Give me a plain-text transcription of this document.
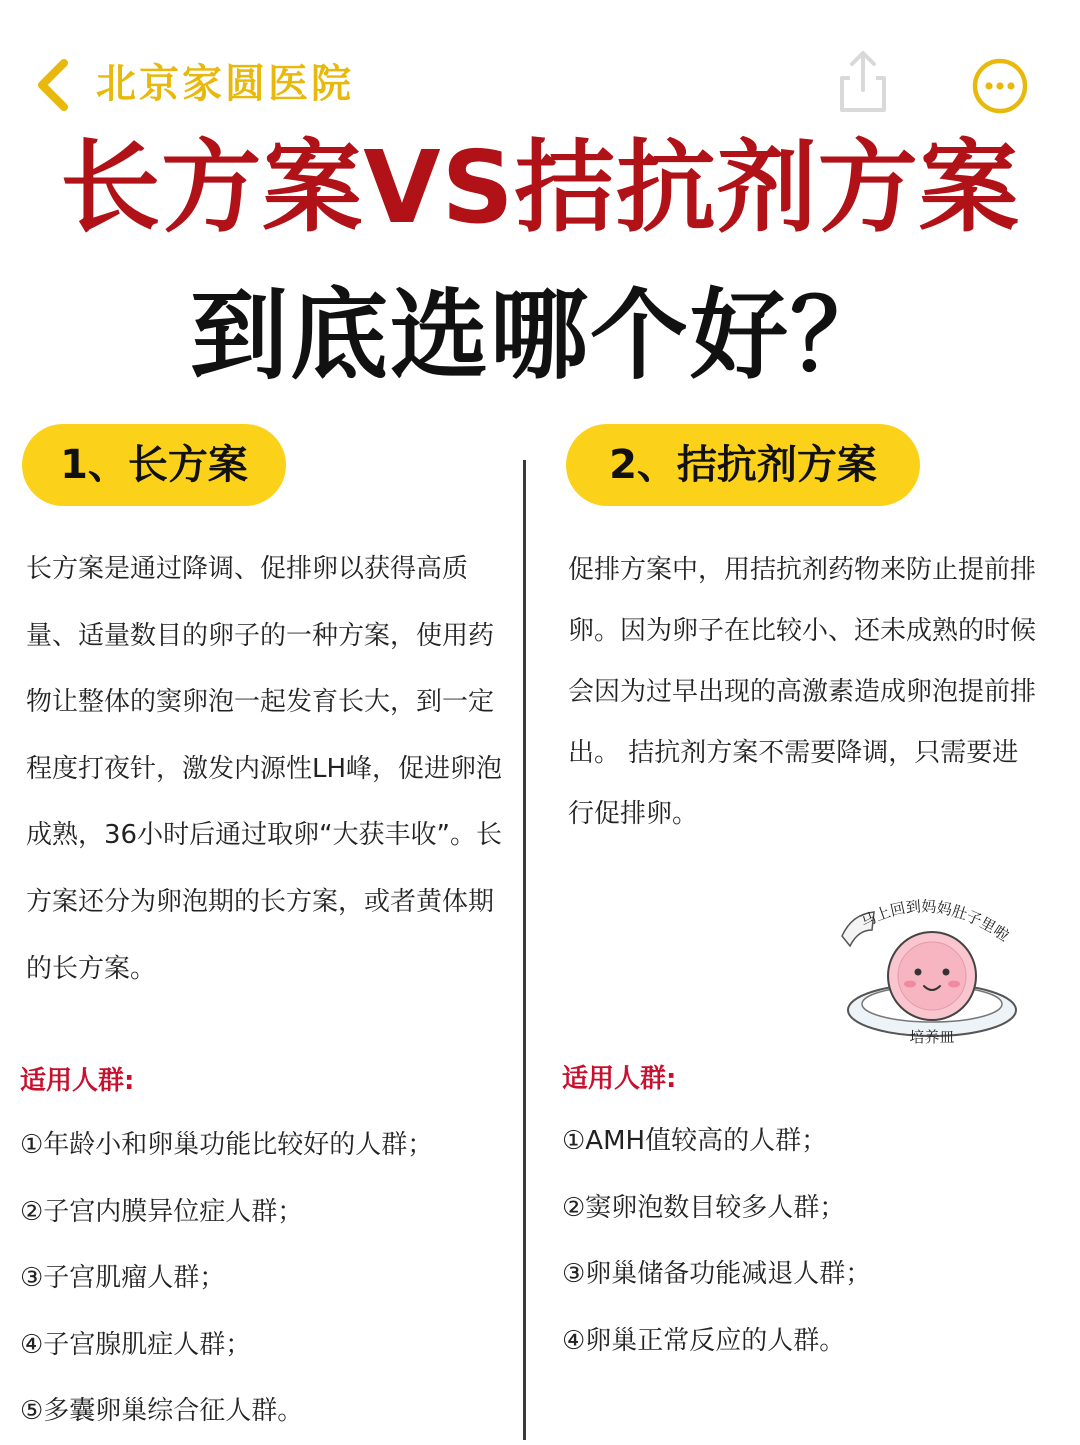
北京家圆医院
长方案VS拮抗剂方案
到底选哪个好？
1、长方案	2、拮抗剂方案
长方案是通过降调、促排卵以获得高质量、适量数目的卵子的一种方案，使用药物让整体的窦卵泡一起发育长大，到一定程度打夜针，激发内源性LH峰，促进卵泡成熟，36小时后通过取卵“大获丰收”。长方案还分为卵泡期的长方案，或者黄体期的长方案。
促排方案中，用拮抗剂药物来防止提前排卵。因为卵子在比较小、还未成熟的时候会因为过早出现的高激素造成卵泡提前排出。 拮抗剂方案不需要降调，只需要进行促排卵。
马上回到妈妈肚子里啦
培养皿
适用人群:	适用人群:
①年龄小和卵巢功能比较好的人群；
②子宫内膜异位症人群；
③子宫肌瘤人群；
④子宫腺肌症人群；
⑤多囊卵巢综合征人群。
①AMH值较高的人群；
②窦卵泡数目较多人群；
③卵巢储备功能减退人群；
④卵巢正常反应的人群。
